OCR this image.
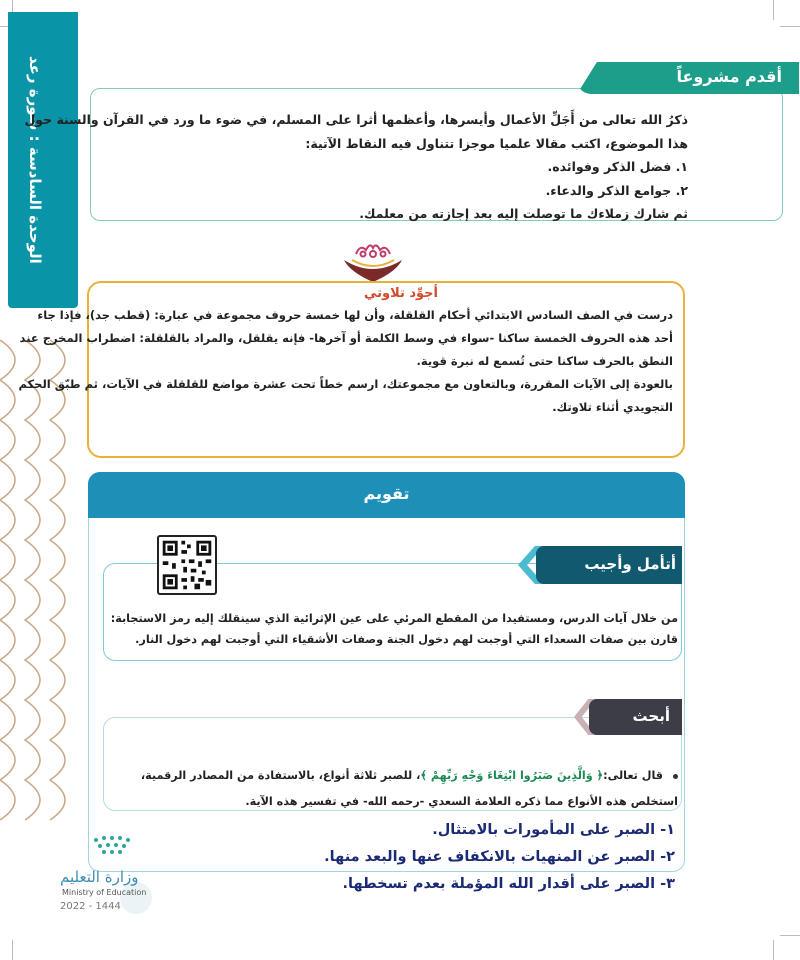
الوحدة السادسة : سورة رعد	أقدم مشروعاً

ذكرُ الله تعالى من أَجَلِّ الأعمال وأيسرها، وأعظمها أثرا على المسلم، في ضوء ما ورد في القرآن والسنة حول

هذا الموضوع، اكتب مقالا علميا موجزا تتناول فيه النقاط الآتية:

١. فضل الذكر وفوائده.

٢. جوامع الذكر والدعاء.

ثم شارك زملاءك ما توصلت إليه بعد إجازته من معلمك.

أجوِّد تلاوتي

درست في الصف السادس الابتدائي أحكام القلقلة، وأن لها خمسة حروف مجموعة في عبارة: (قطب جد)، فإذا جاء

أحد هذه الحروف الخمسة ساكنا -سواء في وسط الكلمة أو آخرها- فإنه يقلقل، والمراد بالقلقلة: اضطراب المخرج عند

النطق بالحرف ساكنا حتى تُسمع له نبرة قوية.

بالعودة إلى الآيات المقررة، وبالتعاون مع مجموعتك، ارسم خطاً تحت عشرة مواضع للقلقلة في الآيات، ثم طبّق الحكم

التجويدي أثناء تلاوتك.

تقويم
أتأمل وأجيب

من خلال آيات الدرس، ومستفيدا من المقطع المرئي على عين الإثرائية الذي سينقلك إليه رمز الاستجابة:

قارن بين صفات السعداء التي أوجبت لهم دخول الجنة وصفات الأشقياء التي أوجبت لهم دخول النار.

أبحث

قال تعالى:﴿ وَالَّذِينَ صَبَرُوا ابْتِغَاءَ وَجْهِ رَبِّهِمْ ﴾، للصبر ثلاثة أنواع، بالاستفادة من المصادر الرقمية،

استخلص هذه الأنواع مما ذكره العلامة السعدي -رحمه الله- في تفسير هذه الآية.

١- الصبر على المأمورات بالامتثال.

٢- الصبر عن المنهيات بالانكفاف عنها والبعد منها.

٣- الصبر على أقدار الله المؤملة بعدم تسخطها.

وزارة التعليم
Ministry of Education
2022 - 1444
